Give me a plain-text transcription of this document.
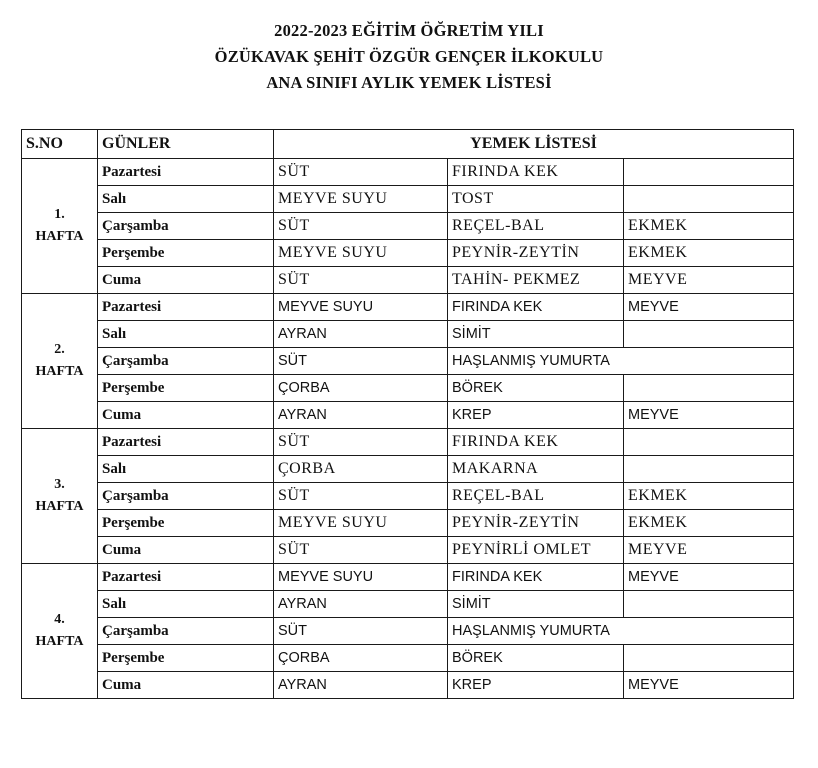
2022-2023 EĞİTİM ÖĞRETİM YILI
ÖZÜKAVAK ŞEHİT ÖZGÜR GENÇER İLKOKULU
ANA SINIFI AYLIK YEMEK LİSTESİ
S.NO	GÜNLER	YEMEK LİSTESİ		

1.
HAFTA	Pazartesi	SÜT	FIRINDA KEK	
	Salı	MEYVE SUYU	TOST	
	Çarşamba	SÜT	REÇEL-BAL	EKMEK
	Perşembe	MEYVE SUYU	PEYNİR-ZEYTİN	EKMEK
	Cuma	SÜT	TAHİN- PEKMEZ	MEYVE

2.
HAFTA	Pazartesi	MEYVE SUYU	FIRINDA KEK	MEYVE
	Salı	AYRAN	SİMİT	
	Çarşamba	SÜT	HAŞLANMIŞ YUMURTA	
	Perşembe	ÇORBA	BÖREK	
	Cuma	AYRAN	KREP	MEYVE

3.
HAFTA	Pazartesi	SÜT	FIRINDA KEK	
	Salı	ÇORBA	MAKARNA	
	Çarşamba	SÜT	REÇEL-BAL	EKMEK
	Perşembe	MEYVE SUYU	PEYNİR-ZEYTİN	EKMEK
	Cuma	SÜT	PEYNİRLİ OMLET	MEYVE

4.
HAFTA	Pazartesi	MEYVE SUYU	FIRINDA KEK	MEYVE
	Salı	AYRAN	SİMİT	
	Çarşamba	SÜT	HAŞLANMIŞ YUMURTA	
	Perşembe	ÇORBA	BÖREK	
	Cuma	AYRAN	KREP	MEYVE
